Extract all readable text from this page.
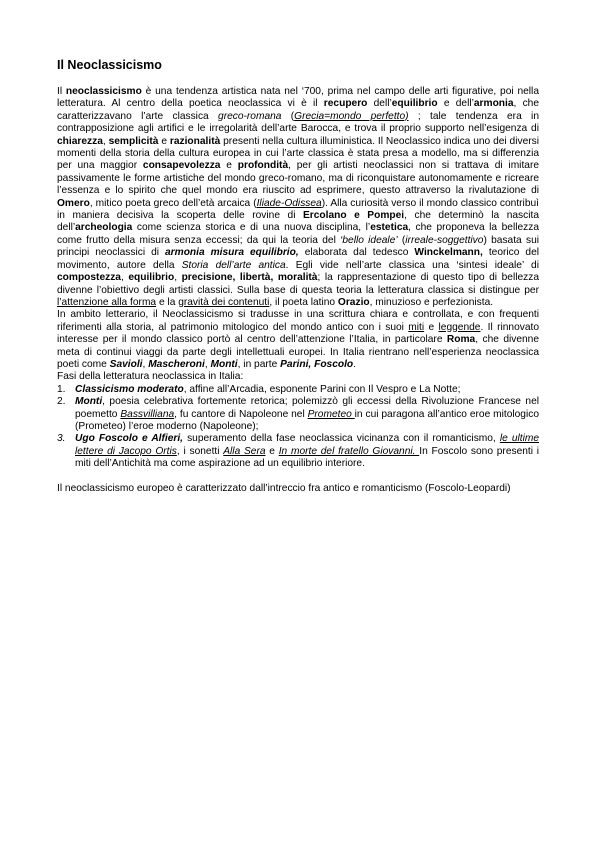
Il Neoclassicismo

Il neoclassicismo è una tendenza artistica nata nel ‘700, prima nel campo delle arti figurative, poi nella letteratura. Al centro della poetica neoclassica vi è il recupero dell’equilibrio e dell’armonia, che caratterizzavano l’arte classica greco-romana (Grecia=mondo perfetto) ; tale tendenza era in contrapposizione agli artifici e le irregolarità dell’arte Barocca, e trova il proprio supporto nell’esigenza di chiarezza, semplicità e razionalità presenti nella cultura illuministica. Il Neoclassico indica uno dei diversi momenti della storia della cultura europea in cui l’arte classica è stata presa a modello, ma si differenzia per una maggior consapevolezza e profondità, per gli artisti neoclassici non si trattava di imitare passivamente le forme artistiche del mondo greco-romano, ma di riconquistare autonomamente e ricreare l’essenza e lo spirito che quel mondo era riuscito ad esprimere, questo attraverso la rivalutazione di Omero, mitico poeta greco dell’età arcaica (Iliade-Odissea). Alla curiosità verso il mondo classico contribuì in maniera decisiva la scoperta delle rovine di Ercolano e Pompei, che determinò la nascita dell’archeologia come scienza storica e di una nuova disciplina, l’estetica, che proponeva la bellezza come frutto della misura senza eccessi; da qui la teoria del ‘bello ideale’ (irreale-soggettivo) basata sui principi neoclassici di armonia misura equilibrio, elaborata dal tedesco Winckelmann, teorico del movimento, autore della Storia dell’arte antica. Egli vide nell’arte classica una ‘sintesi ideale’ di compostezza, equilibrio, precisione, libertà, moralità; la rappresentazione di questo tipo di bellezza divenne l’obiettivo degli artisti classici. Sulla base di questa teoria la letteratura classica si distingue per l’attenzione alla forma e la gravità dei contenuti, il poeta latino Orazio, minuzioso e perfezionista.

In ambito letterario, il Neoclassicismo si tradusse in una scrittura chiara e controllata, e con frequenti riferimenti alla storia, al patrimonio mitologico del mondo antico con i suoi miti e leggende. Il rinnovato interesse per il mondo classico portò al centro dell’attenzione l’Italia, in particolare Roma, che divenne meta di continui viaggi da parte degli intellettuali europei. In Italia rientrano nell’esperienza neoclassica poeti come Savioli, Mascheroni, Monti, in parte Parini, Foscolo.

Fasi della letteratura neoclassica in Italia:

Classicismo moderato, affine all’Arcadia, esponente Parini con Il Vespro e La Notte;
Monti, poesia celebrativa fortemente retorica; polemizzò gli eccessi della Rivoluzione Francese nel poemetto Bassvilliana, fu cantore di Napoleone nel Prometeo in cui paragona all’antico eroe mitologico (Prometeo) l’eroe moderno (Napoleone);
Ugo Foscolo e Alfieri, superamento della fase neoclassica vicinanza con il romanticismo, le ultime lettere di Jacopo Ortis, i sonetti Alla Sera e In morte del fratello Giovanni. In Foscolo sono presenti i miti dell’Antichità ma come aspirazione ad un equilibrio interiore.

Il neoclassicismo europeo è caratterizzato dall’intreccio fra antico e romanticismo (Foscolo-Leopardi)
